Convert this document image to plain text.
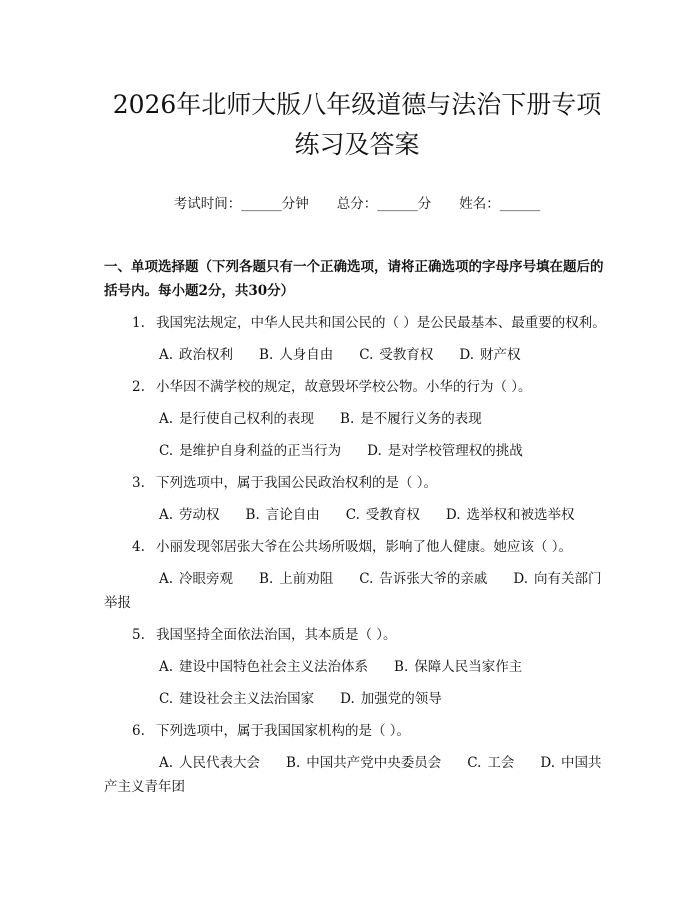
2026年北师大版八年级道德与法治下册专项
练习及答案
考试时间：______分钟 总分：______分 姓名：______
一、单项选择题（下列各题只有一个正确选项，请将正确选项的字母序号填在题后的括号内。每小题2分，共30分）
1. 我国宪法规定，中华人民共和国公民的（ ）是公民最基本、最重要的权利。
A. 政治权利 B. 人身自由 C. 受教育权 D. 财产权
2. 小华因不满学校的规定，故意毁坏学校公物。小华的行为（ ）。
A. 是行使自己权利的表现 B. 是不履行义务的表现
C. 是维护自身利益的正当行为 D. 是对学校管理权的挑战
3. 下列选项中，属于我国公民政治权利的是（ ）。
A. 劳动权 B. 言论自由 C. 受教育权 D. 选举权和被选举权
4. 小丽发现邻居张大爷在公共场所吸烟，影响了他人健康。她应该（ ）。
A. 冷眼旁观 B. 上前劝阻 C. 告诉张大爷的亲戚 D. 向有关部门举报
5. 我国坚持全面依法治国，其本质是（ ）。
A. 建设中国特色社会主义法治体系 B. 保障人民当家作主
C. 建设社会主义法治国家 D. 加强党的领导
6. 下列选项中，属于我国国家机构的是（ ）。
A. 人民代表大会 B. 中国共产党中央委员会 C. 工会 D. 中国共产主义青年团
